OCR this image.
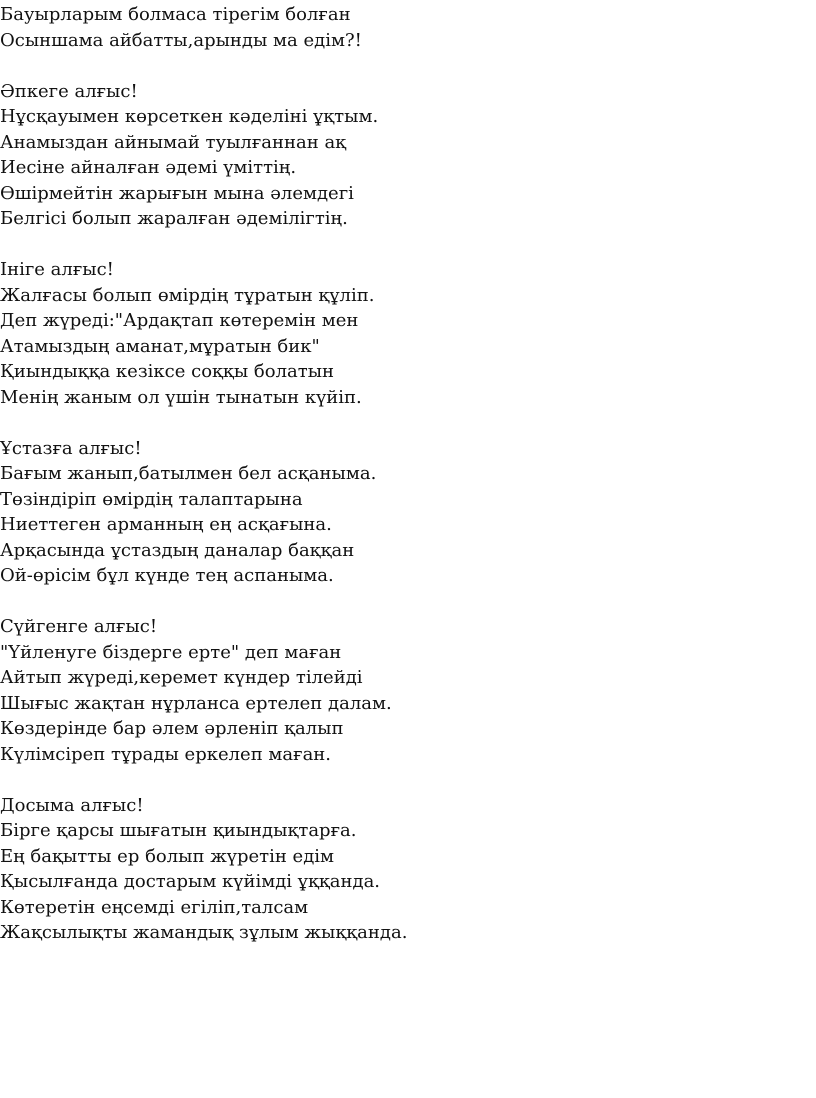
Бауырларым болмаса тірегім болған
Осыншама айбатты,арынды ма едім?!
Әпкеге алғыс!
Нұсқауымен көрсеткен кәделіні ұқтым.
Анамыздан айнымай туылғаннан ақ
Иесіне айналған әдемі үміттің.
Өшірмейтін жарығын мына әлемдегі
Белгісі болып жаралған әдемілігтің.
Ініге алғыс!
Жалғасы болып өмірдің тұратын құліп.
Деп жүреді:"Ардақтап көтеремін мен
Атамыздың аманат,мұратын бик"
Қиындыққа кезіксе соққы болатын
Менің жаным ол үшін тынатын күйіп.
Ұстазға алғыс!
Бағым жанып,батылмен бел асқаныма.
Төзіндіріп өмірдің талаптарына
Ниеттеген арманның ең асқағына.
Арқасында ұстаздың даналар баққан
Ой-өрісім бұл күнде тең аспаныма.
Сүйгенге алғыс!
"Үйленуге біздерге ерте" деп маған
Айтып жүреді,керемет күндер тілейді
Шығыс жақтан нұрланса ертелеп далам.
Көздерінде бар әлем әрленіп қалып
Күлімсіреп тұрады еркелеп маған.
Досыма алғыс!
Бірге қарсы шығатын қиындықтарға.
Ең бақытты ер болып жүретін едім
Қысылғанда достарым күйімді ұққанда.
Көтеретін еңсемді егіліп,талсам
Жақсылықты жамандық зұлым жыққанда.
